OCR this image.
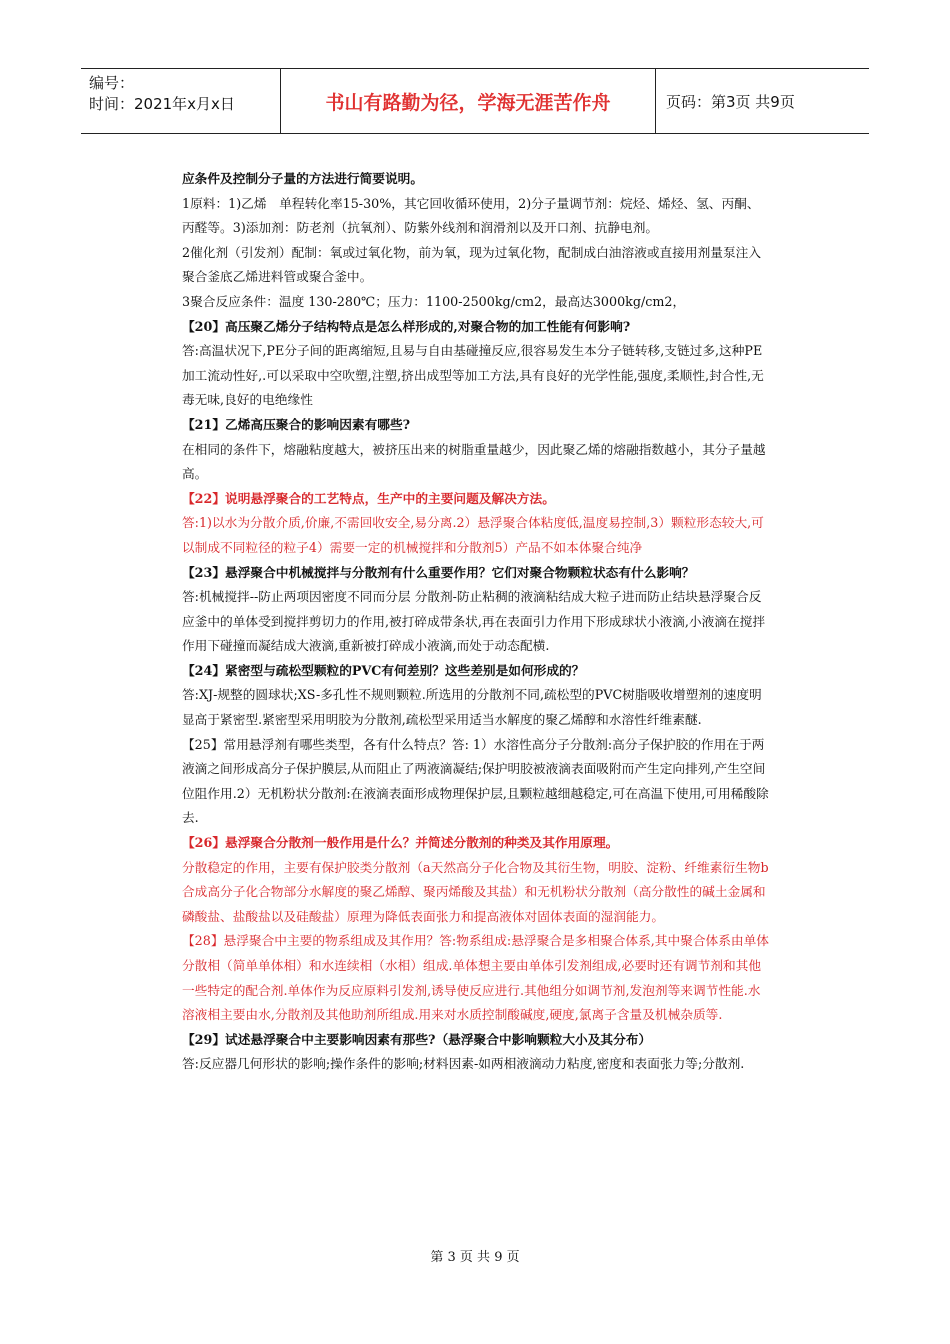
编号：
时间：2021年x月x日	书山有路勤为径，学海无涯苦作舟	页码：第3页 共9页

应条件及控制分子量的方法进行简要说明。

1原料：1)乙烯　单程转化率15-30%，其它回收循环使用，2)分子量调节剂：烷烃、烯烃、氢、丙酮、丙醛等。3)添加剂：防老剂（抗氧剂）、防紫外线剂和润滑剂以及开口剂、抗静电剂。

2催化剂（引发剂）配制：氧或过氧化物，前为氧，现为过氧化物，配制成白油溶液或直接用剂量泵注入聚合釜底乙烯进料管或聚合釜中。

3聚合反应条件：温度 130-280℃；压力：1100-2500kg/cm2，最高达3000kg/cm2，

【20】高压聚乙烯分子结构特点是怎么样形成的,对聚合物的加工性能有何影响?

答:高温状况下,PE分子间的距离缩短,且易与自由基碰撞反应,很容易发生本分子链转移,支链过多,这种PE加工流动性好,.可以采取中空吹塑,注塑,挤出成型等加工方法,具有良好的光学性能,强度,柔顺性,封合性,无毒无味,良好的电绝缘性

【21】乙烯高压聚合的影响因素有哪些?

在相同的条件下，熔融粘度越大，被挤压出来的树脂重量越少，因此聚乙烯的熔融指数越小，其分子量越高。

【22】说明悬浮聚合的工艺特点，生产中的主要问题及解决方法。

答:1)以水为分散介质,价廉,不需回收安全,易分离.2）悬浮聚合体粘度低,温度易控制,3）颗粒形态较大,可以制成不同粒径的粒子4）需要一定的机械搅拌和分散剂5）产品不如本体聚合纯净

【23】悬浮聚合中机械搅拌与分散剂有什么重要作用？它们对聚合物颗粒状态有什么影响？

答:机械搅拌--防止两项因密度不同而分层 分散剂-防止粘稠的液滴粘结成大粒子进而防止结块悬浮聚合反应釜中的单体受到搅拌剪切力的作用,被打碎成带条状,再在表面引力作用下形成球状小液滴,小液滴在搅拌作用下碰撞而凝结成大液滴,重新被打碎成小液滴,而处于动态配横.

【24】紧密型与疏松型颗粒的PVC有何差别？这些差别是如何形成的？

答:XJ-规整的圆球状;XS-多孔性不规则颗粒.所选用的分散剂不同,疏松型的PVC树脂吸收增塑剂的速度明显高于紧密型.紧密型采用明胶为分散剂,疏松型采用适当水解度的聚乙烯醇和水溶性纤维素醚.

【25】常用悬浮剂有哪些类型，各有什么特点？答: 1）水溶性高分子分散剂:高分子保护胶的作用在于两液滴之间形成高分子保护膜层,从而阻止了两液滴凝结;保护明胶被液滴表面吸附而产生定向排列,产生空间位阻作用.2）无机粉状分散剂:在液滴表面形成物理保护层,且颗粒越细越稳定,可在高温下使用,可用稀酸除去.

【26】悬浮聚合分散剂一般作用是什么？并简述分散剂的种类及其作用原理。

分散稳定的作用，主要有保护胶类分散剂（a天然高分子化合物及其衍生物，明胶、淀粉、纤维素衍生物b合成高分子化合物部分水解度的聚乙烯醇、聚丙烯酸及其盐）和无机粉状分散剂（高分散性的碱土金属和磷酸盐、盐酸盐以及硅酸盐）原理为降低表面张力和提高液体对固体表面的湿润能力。

【28】悬浮聚合中主要的物系组成及其作用？答:物系组成:悬浮聚合是多相聚合体系,其中聚合体系由单体分散相（简单单体相）和水连续相（水相）组成.单体想主要由单体引发剂组成,必要时还有调节剂和其他一些特定的配合剂.单体作为反应原料引发剂,诱导使反应进行.其他组分如调节剂,发泡剂等来调节性能.水溶液相主要由水,分散剂及其他助剂所组成.用来对水质控制酸碱度,硬度,氯离子含量及机械杂质等.

【29】试述悬浮聚合中主要影响因素有那些?（悬浮聚合中影响颗粒大小及其分布）

答:反应器几何形状的影响;操作条件的影响;材料因素-如两相液滴动力粘度,密度和表面张力等;分散剂.

第 3 页 共 9 页
